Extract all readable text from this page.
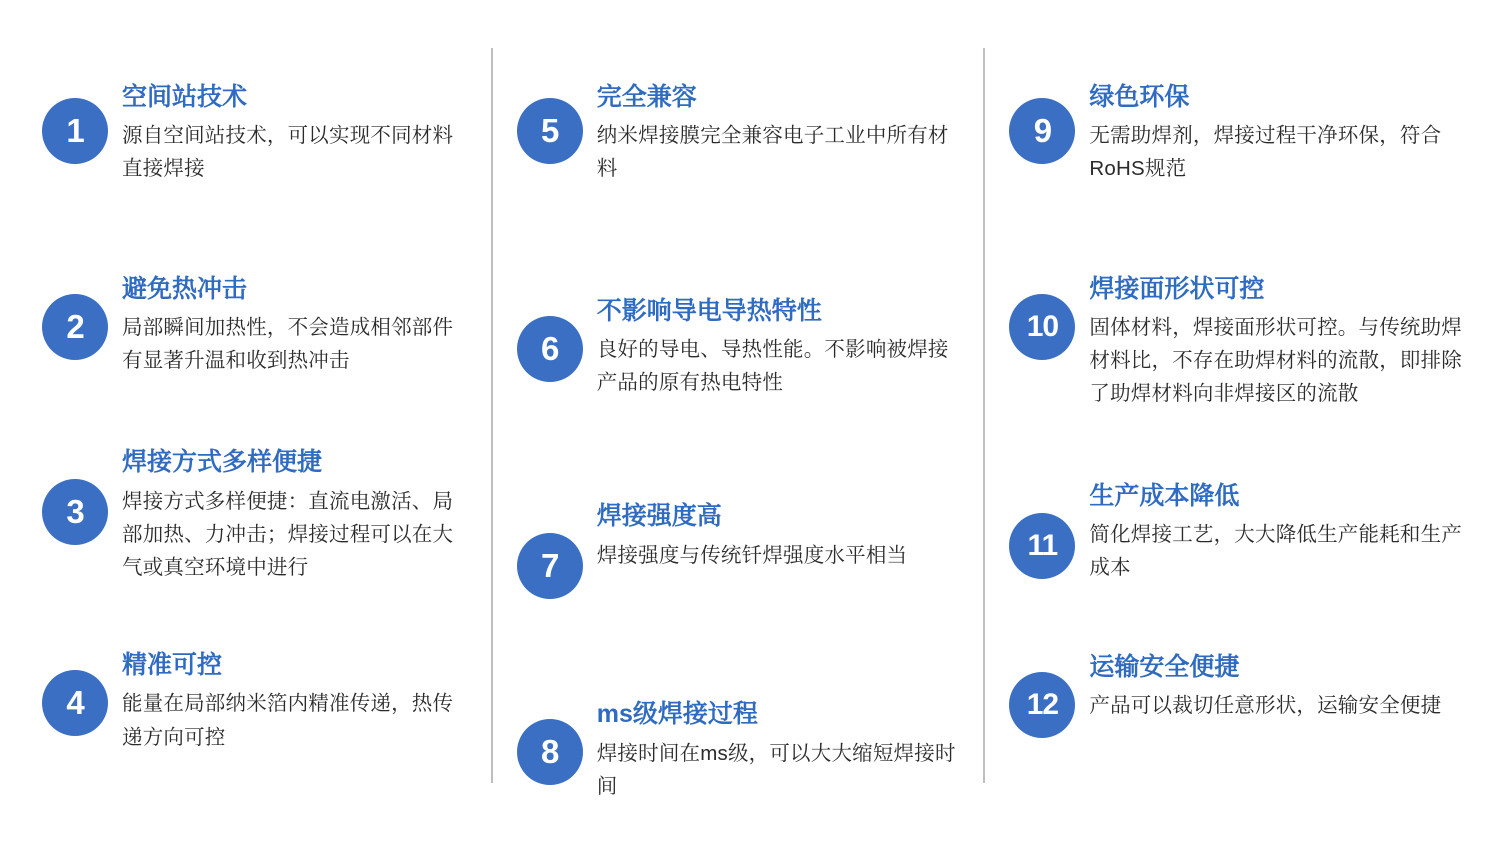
1
空间站技术
源自空间站技术，可以实现不同材料直接焊接
2
避免热冲击
局部瞬间加热性，不会造成相邻部件有显著升温和收到热冲击
3
焊接方式多样便捷
焊接方式多样便捷：直流电激活、局部加热、力冲击；焊接过程可以在大气或真空环境中进行
4
精准可控
能量在局部纳米箔内精准传递，热传递方向可控
5
完全兼容
纳米焊接膜完全兼容电子工业中所有材料
6
不影响导电导热特性
良好的导电、导热性能。不影响被焊接产品的原有热电特性
7
焊接强度高
焊接强度与传统钎焊强度水平相当
8
ms级焊接过程
焊接时间在ms级，可以大大缩短焊接时间
9
绿色环保
无需助焊剂，焊接过程干净环保，符合RoHS规范
10
焊接面形状可控
固体材料，焊接面形状可控。与传统助焊材料比，不存在助焊材料的流散，即排除了助焊材料向非焊接区的流散
11
生产成本降低
简化焊接工艺，大大降低生产能耗和生产成本
12
运输安全便捷
产品可以裁切任意形状，运输安全便捷
